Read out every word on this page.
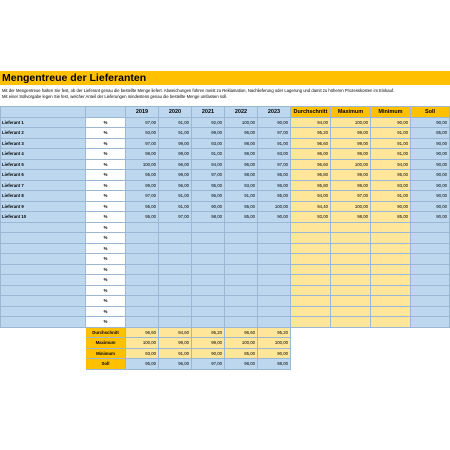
Mengentreue der Lieferanten
Mit der Mengentreue halten Sie fest, ob der Lieferant genau die bestellte Menge liefert. Abweichungen führen meist zu Reklamation, Nachlieferung oder Lagerung und damit zu höheren Prozesskosten im Einkauf.
Mit einer Sollvorgabe legen Sie fest, welcher Anteil der Lieferungen mindestens genau die bestellte Menge umfassen soll.
		2019	2020	2021	2022	2023	Durchschnitt	Maximum	Minimum	Soll
Lieferant 1	%	97,00	91,00	92,00	100,00	90,00	94,00	100,00	90,00	90,00
Lieferant 2	%	93,00	91,00	99,00	96,00	97,00	95,20	99,00	91,00	85,00
Lieferant 3	%	97,00	99,00	93,00	98,00	91,00	96,60	99,00	91,00	90,00
Lieferant 4	%	98,00	99,00	91,00	99,00	93,00	96,00	99,00	91,00	90,00
Lieferant 5	%	100,00	96,00	94,00	96,00	97,00	96,60	100,00	94,00	90,00
Lieferant 6	%	95,00	99,00	97,00	98,00	95,00	96,80	99,00	95,00	90,00
Lieferant 7	%	99,00	96,00	95,00	93,00	96,00	95,80	99,00	93,00	90,00
Lieferant 8	%	97,00	91,00	96,00	91,00	95,00	94,00	97,00	91,00	90,00
Lieferant 9	%	95,00	91,00	90,00	95,00	100,00	94,40	100,00	90,00	90,00
Lieferant 10	%	95,00	97,00	98,00	85,00	90,00	93,00	98,00	85,00	90,00
	%									
	%									
	%									
	%									
	%									
	%									
	%									
	%									
	%									
	%									
	Durchschnitt	96,60	94,60	95,20	96,60	95,20				
	Maximum	100,00	99,00	99,00	100,00	100,00				
	Minimum	93,00	91,00	90,00	85,00	90,00				
	Soll	95,00	96,00	97,00	98,00	98,00				
